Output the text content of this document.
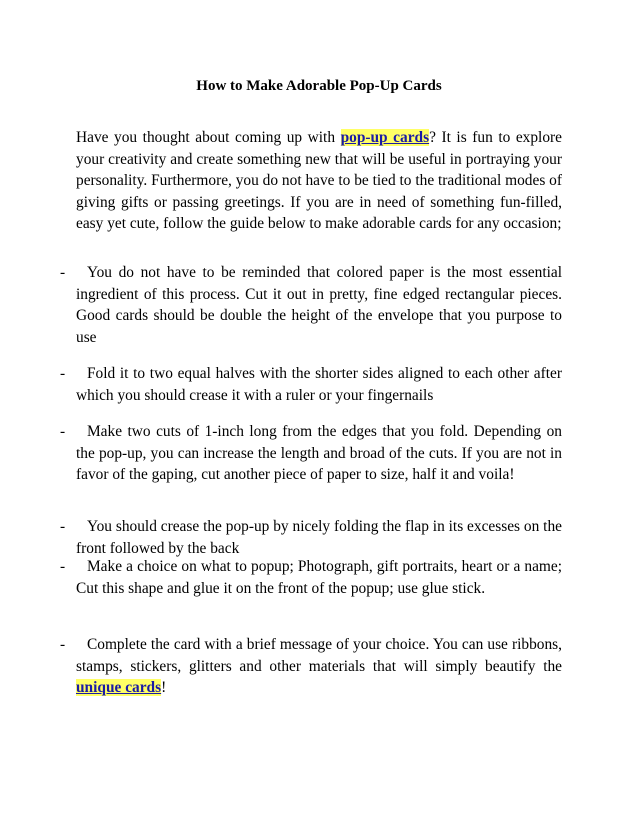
How to Make Adorable Pop-Up Cards
Have you thought about coming up with pop-up cards? It is fun to explore your creativity and create something new that will be useful in portraying your personality. Furthermore, you do not have to be tied to the traditional modes of giving gifts or passing greetings. If you are in need of something fun-filled, easy yet cute, follow the guide below to make adorable cards for any occasion;
-	You do not have to be reminded that colored paper is the most essential ingredient of this process. Cut it out in pretty, fine edged rectangular pieces. Good cards should be double the height of the envelope that you purpose to use
-	Fold it to two equal halves with the shorter sides aligned to each other after which you should crease it with a ruler or your fingernails
-	Make two cuts of 1-inch long from the edges that you fold. Depending on the pop-up, you can increase the length and broad of the cuts. If you are not in favor of the gaping, cut another piece of paper to size, half it and voila!
-	You should crease the pop-up by nicely folding the flap in its excesses on the front followed by the back
-	Make a choice on what to popup; Photograph, gift portraits, heart or a name; Cut this shape and glue it on the front of the popup; use glue stick.
-	Complete the card with a brief message of your choice. You can use ribbons, stamps, stickers, glitters and other materials that will simply beautify the unique cards!
